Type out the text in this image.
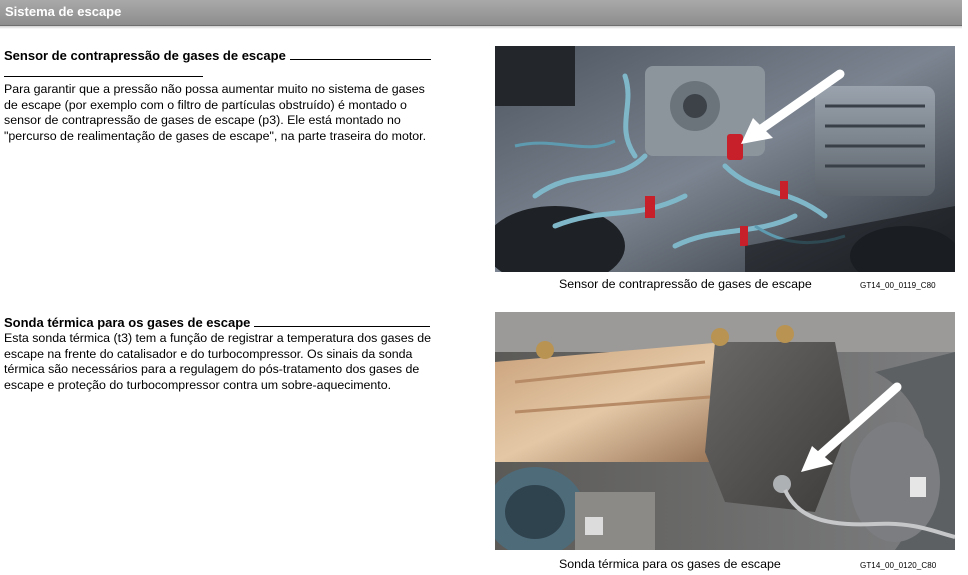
Sistema de escape
Sensor de contrapressão de gases de escape
Para garantir que a pressão não possa aumentar muito no sistema de gases
de escape (por exemplo com o filtro de partículas obstruído) é montado o
sensor de contrapressão de gases de escape (p3). Ele está montado no
"percurso de realimentação de gases de escape", na parte traseira do motor.
Sensor de contrapressão de gases de escape	GT14_00_0119_C80
Sonda térmica para os gases de escape
Esta sonda térmica (t3) tem a função de registrar a temperatura dos gases de
escape na frente do catalisador e do turbocompressor. Os sinais da sonda
térmica são necessários para a regulagem do pós-tratamento dos gases de
escape e proteção do turbocompressor contra um sobre-aquecimento.
Sonda térmica para os gases de escape	GT14_00_0120_C80
